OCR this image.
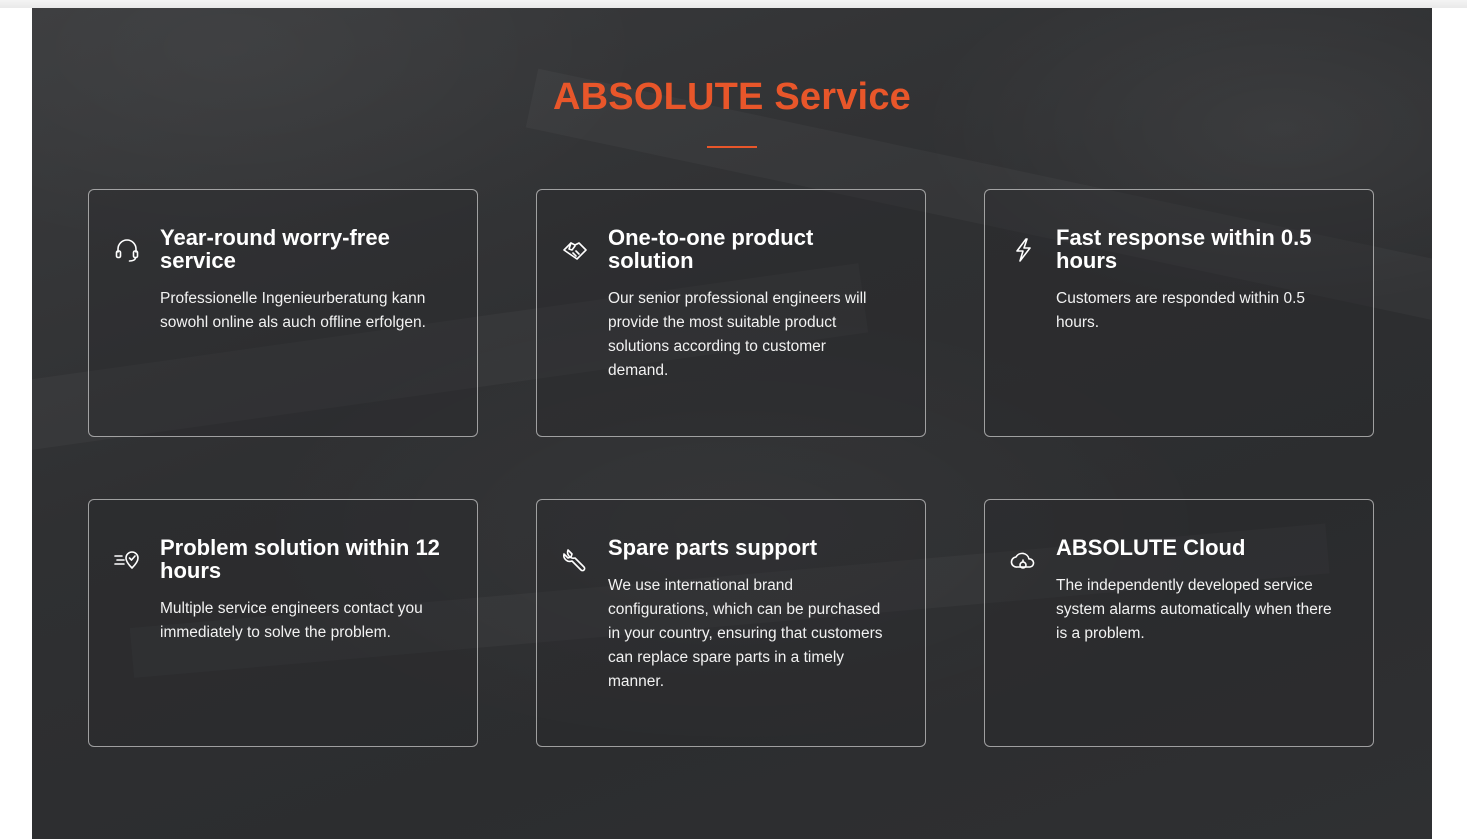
ABSOLUTE Service
Year-round worry-free service
Professionelle Ingenieurberatung kann sowohl online als auch offline erfolgen.
One-to-one product solution
Our senior professional engineers will provide the most suitable product solutions according to customer demand.
Fast response within 0.5 hours
Customers are responded within 0.5 hours.
Problem solution within 12 hours
Multiple service engineers contact you immediately to solve the problem.
Spare parts support
We use international brand configurations, which can be purchased in your country, ensuring that customers can replace spare parts in a timely manner.
ABSOLUTE Cloud
The independently developed service system alarms automatically when there is a problem.
